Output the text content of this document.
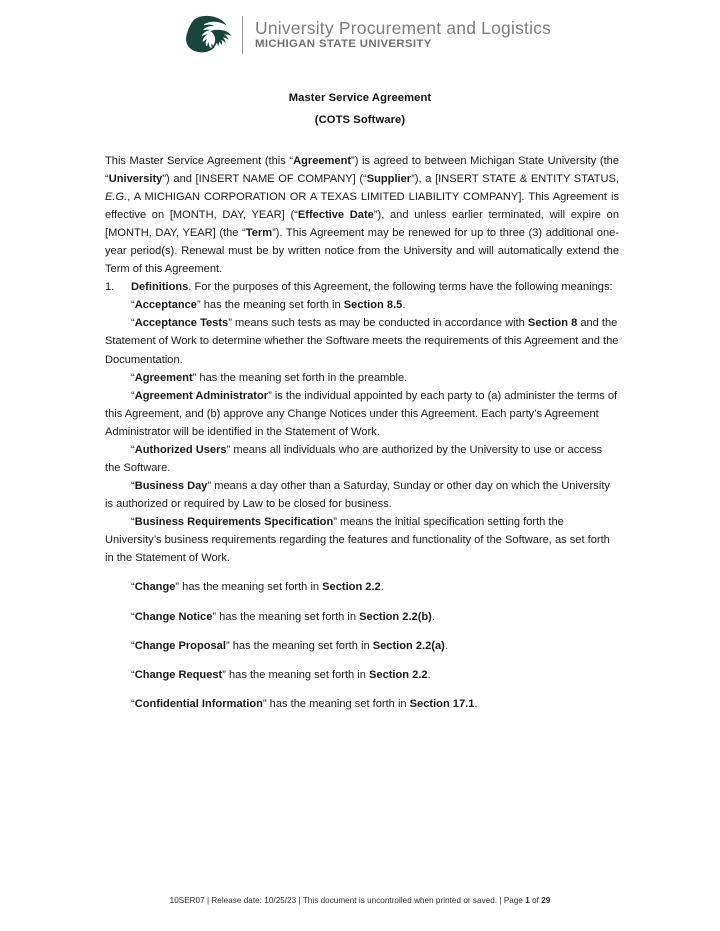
University Procurement and Logistics
MICHIGAN STATE UNIVERSITY
Master Service Agreement
(COTS Software)

This Master Service Agreement (this “Agreement”) is agreed to between Michigan State University (the “University”) and [INSERT NAME OF COMPANY] (“Supplier”), a [INSERT STATE & ENTITY STATUS, E.G., A MICHIGAN CORPORATION OR A TEXAS LIMITED LIABILITY COMPANY]. This Agreement is effective on [MONTH, DAY, YEAR] (“Effective Date”), and unless earlier terminated, will expire on [MONTH, DAY, YEAR] (the “Term”). This Agreement may be renewed for up to three (3) additional one-year period(s). Renewal must be by written notice from the University and will automatically extend the Term of this Agreement.

1. Definitions. For the purposes of this Agreement, the following terms have the following meanings:

“Acceptance” has the meaning set forth in Section 8.5.

“Acceptance Tests” means such tests as may be conducted in accordance with Section 8 and the Statement of Work to determine whether the Software meets the requirements of this Agreement and the Documentation.

“Agreement” has the meaning set forth in the preamble.

“Agreement Administrator” is the individual appointed by each party to (a) administer the terms of this Agreement, and (b) approve any Change Notices under this Agreement. Each party’s Agreement Administrator will be identified in the Statement of Work.

“Authorized Users” means all individuals who are authorized by the University to use or access the Software.

“Business Day” means a day other than a Saturday, Sunday or other day on which the University is authorized or required by Law to be closed for business.

“Business Requirements Specification” means the initial specification setting forth the University’s business requirements regarding the features and functionality of the Software, as set forth in the Statement of Work.

“Change” has the meaning set forth in Section 2.2.

“Change Notice” has the meaning set forth in Section 2.2(b).

“Change Proposal” has the meaning set forth in Section 2.2(a).

“Change Request” has the meaning set forth in Section 2.2.

“Confidential Information” has the meaning set forth in Section 17.1.

10SER07 | Release date: 10/25/23 | This document is uncontrolled when printed or saved. | Page 1 of 29
